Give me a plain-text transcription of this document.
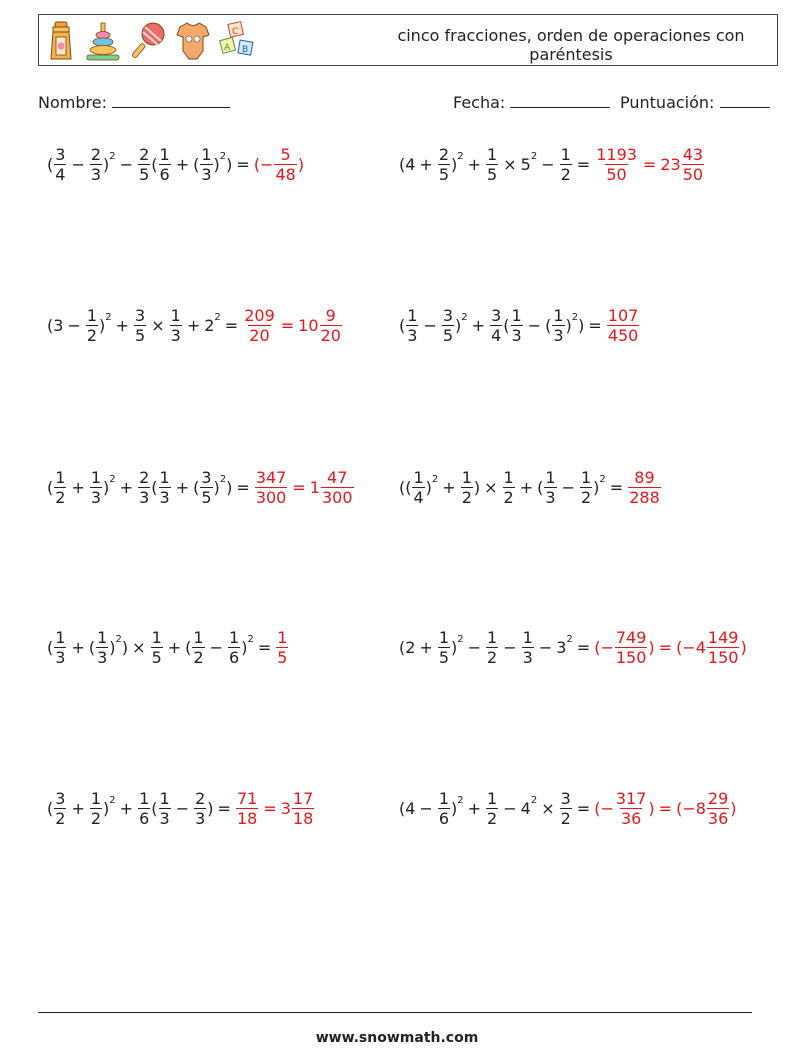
C
A B
cinco fracciones, orden de operaciones con paréntesis
Nombre:	Fecha:	Puntuación:
( $\frac{3}{4} - \frac{2}{3} )^2 - \frac{2}{5}$ ( $\frac{1}{6}$ + ( $\frac{1}{3} )^2$ ) = (− $\frac{5}{48}$ )	$(4 + \frac{2}{5} )^2 + \frac{1}{5} \times 5^2 - \frac{1}{2} = \frac{1193}{50} = 23 \frac{43}{50}$
$(3 - \frac{1}{2} )^2 + \frac{3}{5} \times \frac{1}{3} + 2^2 = \frac{209}{20} = 10 \frac{9}{20}$	( $\frac{1}{3} - \frac{3}{5} )^2 + \frac{3}{4}$ ( $\frac{1}{3}$ − ( $\frac{1}{3} )^2$ ) = $\frac{107}{450}$
( $\frac{1}{2} + \frac{1}{3} )^2 + \frac{2}{3}$ ( $\frac{1}{3}$ + ( $\frac{3}{5} )^2$ ) = $\frac{347}{300} = 1 \frac{47}{300}$	(( $\frac{1}{4} )^2 + \frac{1}{2}$ ) × $\frac{1}{2}$ + ( $\frac{1}{3} - \frac{1}{2} )^2 = \frac{89}{288}$
( $\frac{1}{3}$ + ( $\frac{1}{3} )^2$ ) × $\frac{1}{5}$ + ( $\frac{1}{2} - \frac{1}{6} )^2 = \frac{1}{5}$	$(2 + \frac{1}{5} )^2 - \frac{1}{2} - \frac{1}{3} - 3^2$ = (− $\frac{749}{150}$ ) = ($-4 \frac{149}{150}$ )
( $\frac{3}{2} + \frac{1}{2} )^2 + \frac{1}{6}$ ( $\frac{1}{3} - \frac{2}{3}$ ) = $\frac{71}{18} = 3 \frac{17}{18}$	$(4 - \frac{1}{6} )^2 + \frac{1}{2} - 4^2 \times \frac{3}{2}$ = (− $\frac{317}{36}$ ) = ($-8 \frac{29}{36}$ )
www.snowmath.com
